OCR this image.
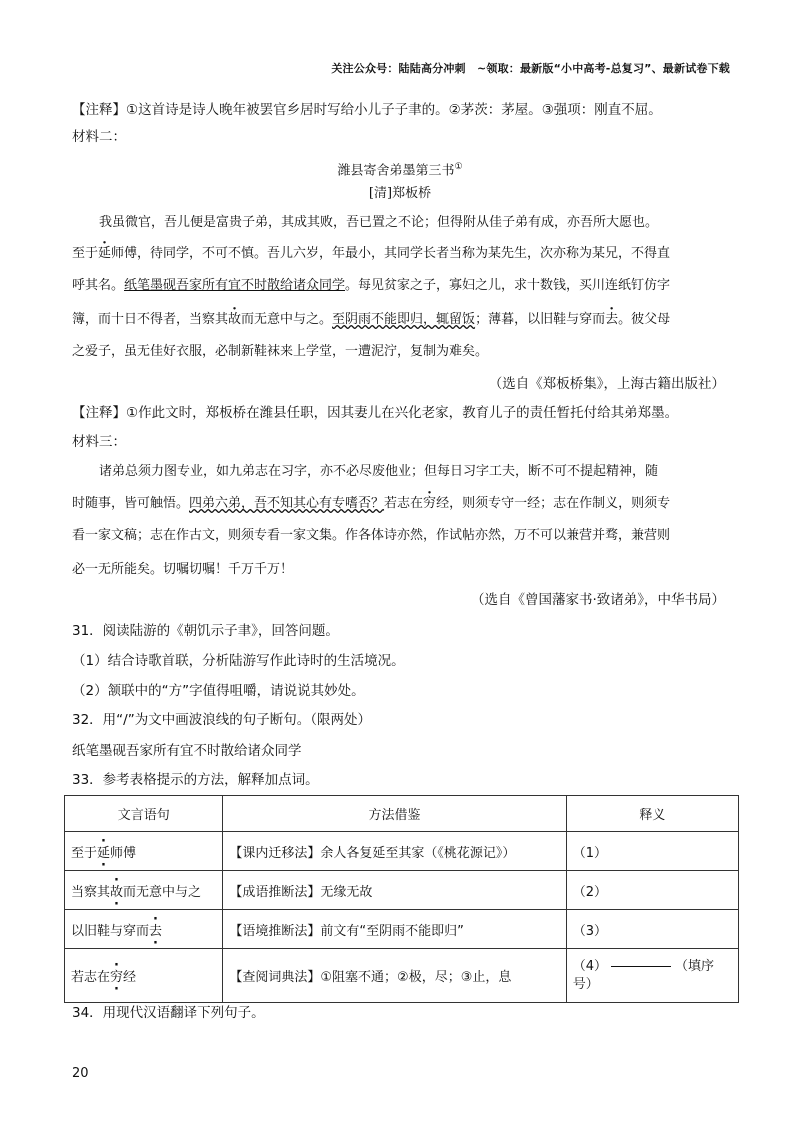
关注公众号：陆陆高分冲刺　~领取：最新版“小中高考-总复习”、最新试卷下载
【注释】①这首诗是诗人晚年被罢官乡居时写给小儿子子聿的。②茅茨：茅屋。③强项：刚直不屈。
材料二：
潍县寄舍弟墨第三书①
[清]郑板桥
我虽微官，吾儿便是富贵子弟，其成其败，吾已置之不论；但得附从佳子弟有成，亦吾所大愿也。
至于延师傅，待同学，不可不慎。吾儿六岁，年最小，其同学长者当称为某先生，次亦称为某兄，不得直
呼其名。纸笔墨砚吾家所有宜不时散给诸众同学。每见贫家之子，寡妇之儿，求十数钱，买川连纸钉仿字
簿，而十日不得者，当察其故而无意中与之。至阴雨不能即归，辄留饭；薄暮，以旧鞋与穿而去。彼父母
之爱子，虽无佳好衣服，必制新鞋袜来上学堂，一遭泥泞，复制为难矣。
（选自《郑板桥集》，上海古籍出版社）
【注释】①作此文时，郑板桥在潍县任职，因其妻儿在兴化老家，教育儿子的责任暂托付给其弟郑墨。
材料三：
诸弟总须力图专业，如九弟志在习字，亦不必尽废他业；但每日习字工夫，断不可不提起精神，随
时随事，皆可触悟。四弟六弟，吾不知其心有专嗜否？若志在穷经，则须专守一经；志在作制义，则须专
看一家文稿；志在作古文，则须专看一家文集。作各体诗亦然，作试帖亦然，万不可以兼营并骛，兼营则
必一无所能矣。切嘱切嘱！千万千万！
（选自《曾国藩家书·致诸弟》，中华书局）
31．阅读陆游的《朝饥示子聿》，回答问题。
（1）结合诗歌首联，分析陆游写作此诗时的生活境况。
（2）颔联中的“方”字值得咀嚼，请说说其妙处。
32．用“/”为文中画波浪线的句子断句。（限两处）
纸笔墨砚吾家所有宜不时散给诸众同学
33．参考表格提示的方法，解释加点词。
文言语句	方法借鉴	释义
至于延师傅	【课内迁移法】余人各复延至其家（《桃花源记》）	（1）
当察其故而无意中与之	【成语推断法】无缘无故	（2）
以旧鞋与穿而去	【语境推断法】前文有“至阴雨不能即归”	（3）
若志在穷经	【查阅词典法】①阻塞不通；②极，尽；③止，息	（4） （填序
号）
34．用现代汉语翻译下列句子。
20
